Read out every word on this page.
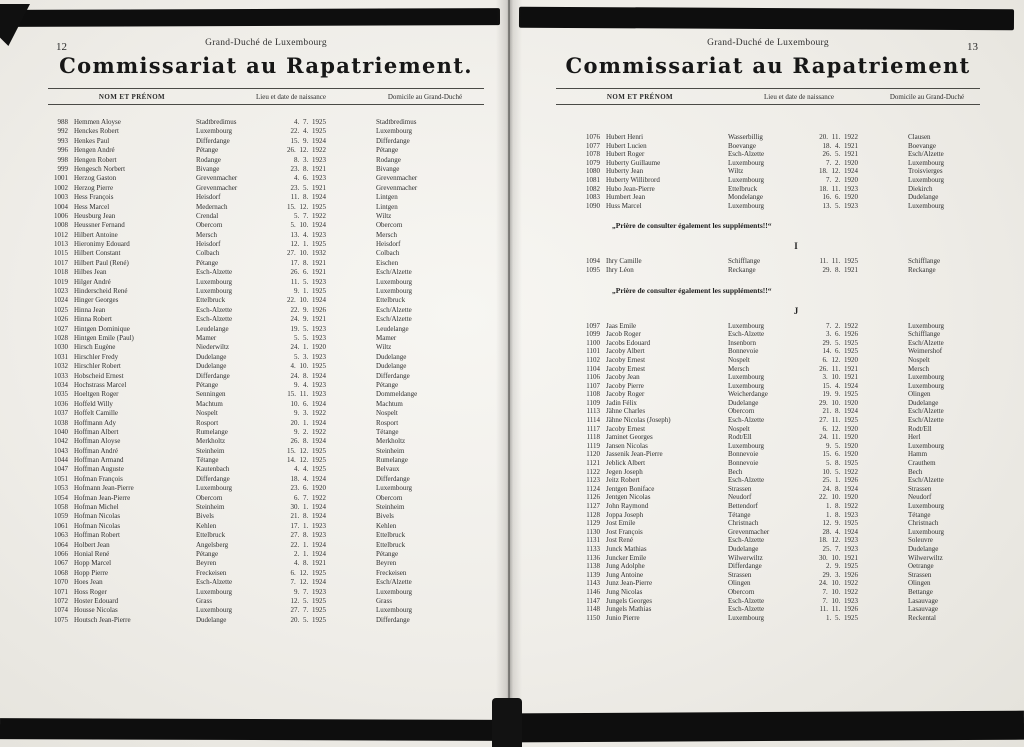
12	Grand-Duché de Luxembourg
Commissariat au Rapatriement.
NOM ET PRÉNOM	Lieu et date de naissance	Domicile au Grand-Duché
988 Hemmen Aloyse	Stadtbredimus	4. 7. 1925	Stadtbredimus
992 Henckes Robert	Luxembourg	22. 4. 1925	Luxembourg
993 Henkes Paul	Differdange	15. 9. 1924	Differdange
996 Hengen André	Pétange	26. 12. 1922	Pétange
998 Hengen Robert	Rodange	8. 3. 1923	Rodange
999 Hengesch Norbert	Bivange	23. 8. 1921	Bivange
1001 Herzog Gaston	Grevenmacher	4. 6. 1923	Grevenmacher
1002 Herzog Pierre	Grevenmacher	23. 5. 1921	Grevenmacher
1003 Hess François	Heisdorf	11. 8. 1924	Lintgen
1004 Hess Marcel	Medernach	15. 12. 1925	Lintgen
1006 Heusburg Jean	Crendal	5. 7. 1922	Wiltz
1008 Heussner Fernand	Obercorn	5. 10. 1924	Obercorn
1012 Hilbert Antoine	Mersch	13. 4. 1923	Mersch
1013 Hieronimy Edouard	Heisdorf	12. 1. 1925	Heisdorf
1015 Hilbert Constant	Colbach	27. 10. 1932	Colbach
1017 Hilbert Paul (René)	Pétange	17. 8. 1921	Eischen
1018 Hilbes Jean	Esch-Alzette	26. 6. 1921	Esch/Alzette
1019 Hilger André	Luxembourg	11. 5. 1923	Luxembourg
1023 Hinderscheid René	Luxembourg	9. 1. 1925	Luxembourg
1024 Hinger Georges	Ettelbruck	22. 10. 1924	Ettelbruck
1025 Hinna Jean	Esch-Alzette	22. 9. 1926	Esch/Alzette
1026 Hinna Robert	Esch-Alzette	24. 9. 1921	Esch/Alzette
1027 Hintgen Dominique	Leudelange	19. 5. 1923	Leudelange
1028 Hintgen Emile (Paul)	Mamer	5. 5. 1923	Mamer
1030 Hirsch Eugène	Niederwiltz	24. 1. 1920	Wiltz
1031 Hirschler Fredy	Dudelange	5. 3. 1923	Dudelange
1032 Hirschler Robert	Dudelange	4. 10. 1925	Dudelange
1033 Hobscheid Ernest	Differdange	24. 8. 1924	Differdange
1034 Hochstrass Marcel	Pétange	9. 4. 1923	Pétange
1035 Hoeltgen Roger	Senningen	15. 11. 1923	Dommeldange
1036 Hoffeld Willy	Machtum	10. 6. 1924	Machtum
1037 Hoffelt Camille	Nospelt	9. 3. 1922	Nospelt
1038 Hoffmann Ady	Rosport	20. 1. 1924	Rosport
1040 Hoffman Albert	Rumelange	9. 2. 1922	Tétange
1042 Hoffman Aloyse	Merkholtz	26. 8. 1924	Merkholtz
1043 Hoffman André	Steinheim	15. 12. 1925	Steinheim
1044 Hoffman Armand	Tétange	14. 12. 1925	Rumelange
1047 Hoffman Auguste	Kautenbach	4. 4. 1925	Belvaux
1051 Hofman François	Differdange	18. 4. 1924	Differdange
1053 Hofmann Jean-Pierre	Luxembourg	23. 6. 1920	Luxembourg
1054 Hofman Jean-Pierre	Obercorn	6. 7. 1922	Obercorn
1058 Hofman Michel	Steinheim	30. 1. 1924	Steinheim
1059 Hofman Nicolas	Bivels	21. 8. 1924	Bivels
1061 Hofman Nicolas	Kehlen	17. 1. 1923	Kehlen
1063 Hoffman Robert	Ettelbruck	27. 8. 1923	Ettelbruck
1064 Holbert Jean	Angelsberg	22. 1. 1924	Ettelbruck
1066 Honial René	Pétange	2. 1. 1924	Pétange
1067 Hopp Marcel	Beyren	4. 8. 1921	Beyren
1068 Hopp Pierre	Freckeisen	6. 12. 1925	Freckeisen
1070 Hoes Jean	Esch-Alzette	7. 12. 1924	Esch/Alzette
1071 Hoss Roger	Luxembourg	9. 7. 1923	Luxembourg
1072 Hoster Edouard	Grass	12. 5. 1925	Grass
1074 Housse Nicolas	Luxembourg	27. 7. 1925	Luxembourg
1075 Houtsch Jean-Pierre	Dudelange	20. 5. 1925	Differdange
13
Grand-Duché de Luxembourg
Commissariat au Rapatriement
NOM ET PRÉNOM	Lieu et date de naissance	Domicile au Grand-Duché
1076 Hubert Henri	Wasserbillig	20. 11. 1922	Clausen
1077 Hubert Lucien	Boevange	18. 4. 1921	Boevange
1078 Hubert Roger	Esch-Alzette	26. 5. 1921	Esch/Alzette
1079 Huberty Guillaume	Luxembourg	7. 2. 1920	Luxembourg
1080 Huberty Jean	Wiltz	18. 12. 1924	Troisvierges
1081 Huberty Willibrord	Luxembourg	7. 2. 1920	Luxembourg
1082 Hubo Jean-Pierre	Ettelbruck	18. 11. 1923	Diekirch
1083 Humbert Jean	Mondelange	16. 6. 1920	Dudelange
1090 Huss Marcel	Luxembourg	13. 5. 1923	Luxembourg
„Prière de consulter également les suppléments!!“
I
1094 Ihry Camille	Schifflange	11. 11. 1925	Schifflange
1095 Ihry Léon	Reckange	29. 8. 1921	Reckange
„Prière de consulter également les suppléments!!“
J
1097 Jaas Emile	Luxembourg	7. 2. 1922	Luxembourg
1099 Jacob Roger	Esch-Alzette	3. 6. 1926	Schifflange
1100 Jacobs Edouard	Insenborn	29. 5. 1925	Esch/Alzette
1101 Jacoby Albert	Bonnevoie	14. 6. 1925	Weimershof
1102 Jacoby Ernest	Nospelt	6. 12. 1920	Nospelt
1104 Jacoby Ernest	Mersch	26. 11. 1921	Mersch
1106 Jacoby Jean	Luxembourg	3. 10. 1921	Luxembourg
1107 Jacoby Pierre	Luxembourg	15. 4. 1924	Luxembourg
1108 Jacoby Roger	Weicherdange	19. 9. 1925	Olingen
1109 Jadin Félix	Dudelange	29. 10. 1920	Dudelange
1113 Jähne Charles	Obercorn	21. 8. 1924	Esch/Alzette
1114 Jähne Nicolas (Joseph)	Esch-Alzette	27. 11. 1925	Esch/Alzette
1117 Jacoby Ernest	Nospelt	6. 12. 1920	Rodt/Ell
1118 Jaminet Georges	Rodt/Ell	24. 11. 1920	Herl
1119 Jansen Nicolas	Luxembourg	9. 5. 1920	Luxembourg
1120 Jassenik Jean-Pierre	Bonnevoie	15. 6. 1920	Hamm
1121 Jeblick Albert	Bonnevoie	5. 8. 1925	Crauthem
1122 Jegen Joseph	Bech	10. 5. 1922	Bech
1123 Jeitz Robert	Esch-Alzette	25. 1. 1926	Esch/Alzette
1124 Jentgen Boniface	Strassen	24. 8. 1924	Strassen
1126 Jentgen Nicolas	Neudorf	22. 10. 1920	Neudorf
1127 John Raymond	Bettendorf	1. 8. 1922	Luxembourg
1128 Joppa Joseph	Tétange	1. 8. 1923	Tétange
1129 Jost Emile	Christnach	12. 9. 1925	Christnach
1130 Jost François	Grevenmacher	28. 4. 1924	Luxembourg
1131 Jost René	Esch-Alzette	18. 12. 1923	Soleuvre
1133 Junck Mathias	Dudelange	25. 7. 1923	Dudelange
1136 Juncker Emile	Wilwerwiltz	30. 10. 1921	Wilwerwiltz
1138 Jung Adolphe	Differdange	2. 9. 1925	Oetrange
1139 Jung Antoine	Strassen	29. 3. 1926	Strassen
1143 Junz Jean-Pierre	Olingen	24. 10. 1922	Olingen
1146 Jung Nicolas	Obercorn	7. 10. 1922	Bettange
1147 Jungels Georges	Esch-Alzette	7. 10. 1923	Lasauvage
1148 Jungels Mathias	Esch-Alzette	11. 11. 1926	Lasauvage
1150 Junio Pierre	Luxembourg	1. 5. 1925	Reckental
